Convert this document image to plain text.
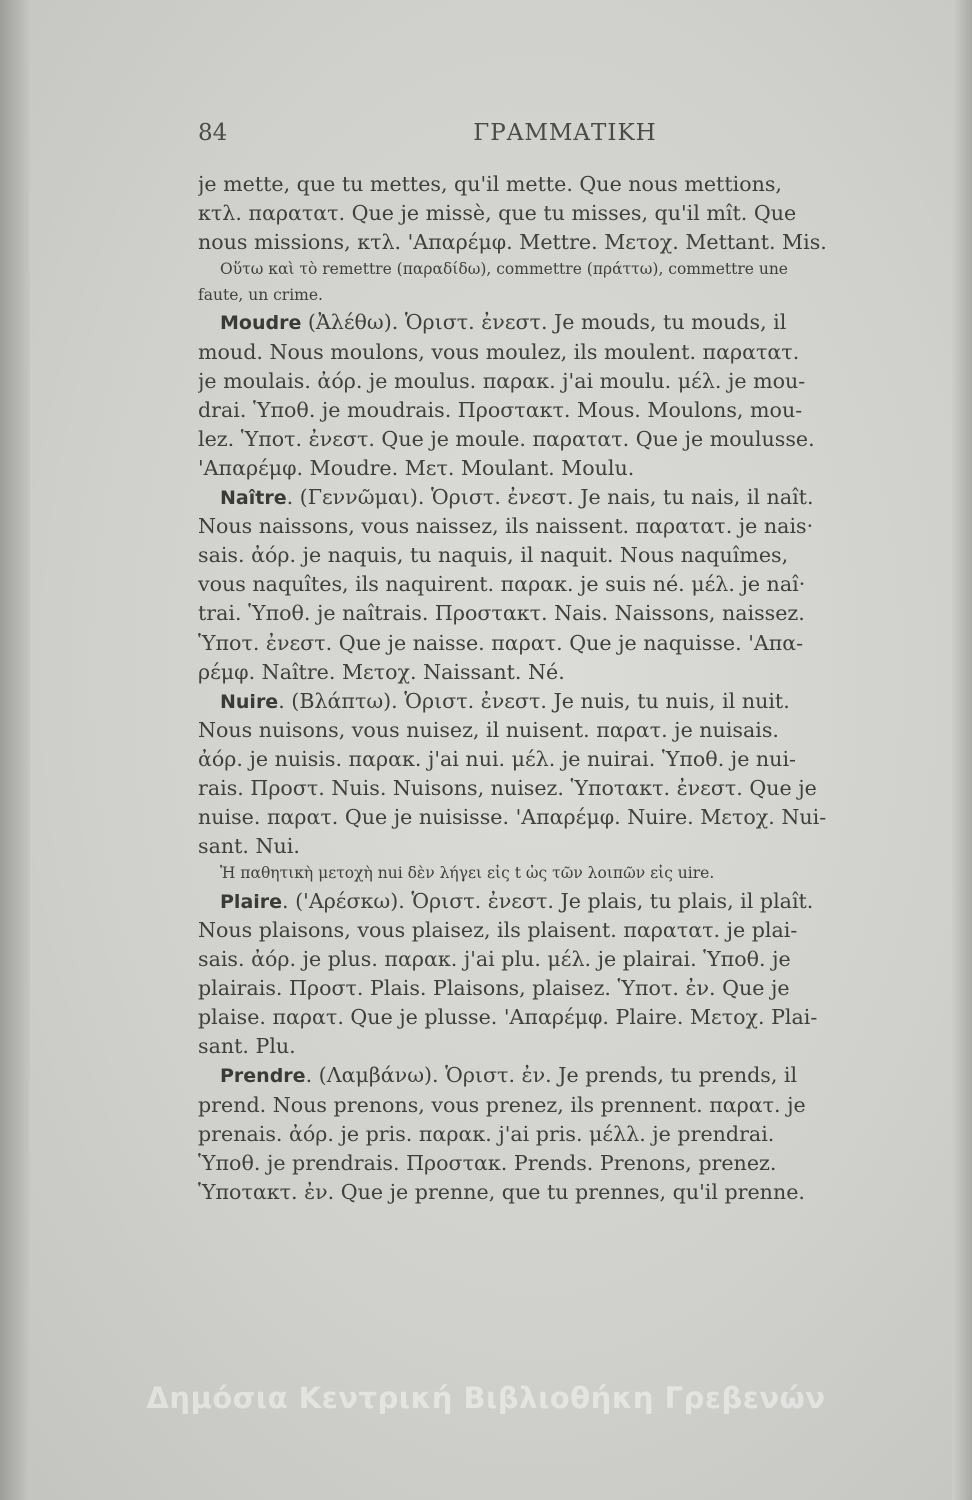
84	ΓΡΑΜΜΑΤΙΚΗ
je mette, que tu mettes, qu'il mette. Que nous mettions,
κτλ. παρατατ. Que je missè, que tu misses, qu'il mît. Que
nous missions, κτλ. 'Απαρέμφ. Mettre. Μετοχ. Mettant. Mis.
Οὕτω καὶ τὸ remettre (παραδίδω), commettre (πράττω), commettre une
faute, un crime.
Moudre (Ἀλέθω). Ὁριστ. ἐνεστ. Je mouds, tu mouds, il
moud. Nous moulons, vous moulez, ils moulent. παρατατ.
je moulais. ἀόρ. je moulus. παρακ. j'ai moulu. μέλ. je mou-
drai. Ὑποθ. je moudrais. Προστακτ. Mous. Moulons, mou-
lez. Ὑποτ. ἐνεστ. Que je moule. παρατατ. Que je moulusse.
'Απαρέμφ. Moudre. Μετ. Moulant. Moulu.
Naître. (Γεννῶμαι). Ὁριστ. ἐνεστ. Je nais, tu nais, il naît.
Nous naissons, vous naissez, ils naissent. παρατατ. je nais·
sais. ἀόρ. je naquis, tu naquis, il naquit. Nous naquîmes,
vous naquîtes, ils naquirent. παρακ. je suis né. μέλ. je naî·
trai. Ὑποθ. je naîtrais. Προστακτ. Nais. Naissons, naissez.
Ὑποτ. ἐνεστ. Que je naisse. παρατ. Que je naquisse. 'Απα-
ρέμφ. Naître. Μετοχ. Naissant. Né.
Nuire. (Βλάπτω). Ὁριστ. ἐνεστ. Je nuis, tu nuis, il nuit.
Nous nuisons, vous nuisez, il nuisent. παρατ. je nuisais.
ἀόρ. je nuisis. παρακ. j'ai nui. μέλ. je nuirai. Ὑποθ. je nui-
rais. Προστ. Nuis. Nuisons, nuisez. Ὑποτακτ. ἐνεστ. Que je
nuise. παρατ. Que je nuisisse. 'Απαρέμφ. Nuire. Μετοχ. Nui-
sant. Nui.
Ἡ παθητικὴ μετοχὴ nui δὲν λήγει εἰς t ὡς τῶν λοιπῶν εἰς uire.
Plaire. ('Αρέσκω). Ὁριστ. ἐνεστ. Je plais, tu plais, il plaît.
Nous plaisons, vous plaisez, ils plaisent. παρατατ. je plai-
sais. ἀόρ. je plus. παρακ. j'ai plu. μέλ. je plairai. Ὑποθ. je
plairais. Προστ. Plais. Plaisons, plaisez. Ὑποτ. ἐν. Que je
plaise. παρατ. Que je plusse. 'Απαρέμφ. Plaire. Μετοχ. Plai-
sant. Plu.
Prendre. (Λαμβάνω). Ὁριστ. ἐν. Je prends, tu prends, il
prend. Nous prenons, vous prenez, ils prennent. παρατ. je
prenais. ἀόρ. je pris. παρακ. j'ai pris. μέλλ. je prendrai.
Ὑποθ. je prendrais. Προστακ. Prends. Prenons, prenez.
Ὑποτακτ. ἐν. Que je prenne, que tu prennes, qu'il prenne.
Δημόσια Κεντρική Βιβλιοθήκη Γρεβενών
